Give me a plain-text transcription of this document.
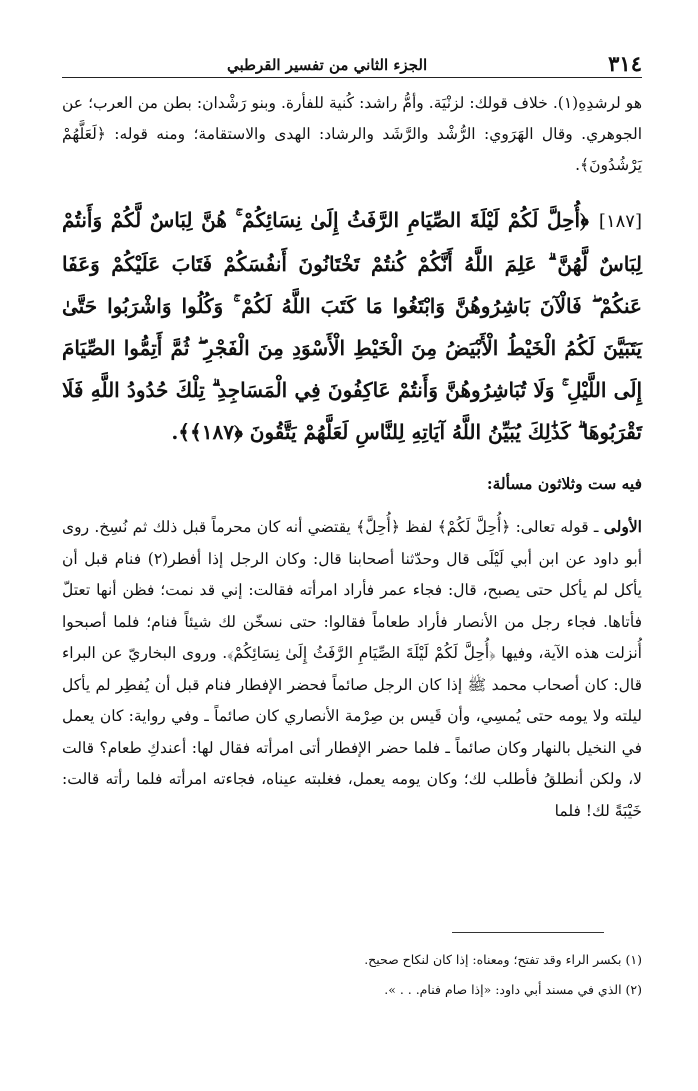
٣١٤
الجزء الثاني من تفسير القرطبي
هو لرشدِهِ(١). خلاف قولك: لزنْيَة. وأمُّ راشد: كُنية للفأرة. وبنو رَشْدان: بطن من العرب؛ عن الجوهري. وقال الهَرَوي: الرُّشْد والرَّشَد والرشاد: الهدى والاستقامة؛ ومنه قوله: ﴿لَعَلَّهُمْ يَرْشُدُونَ﴾.
[١٨٧]﴿أُحِلَّ لَكُمْ لَيْلَةَ الصِّيَامِ الرَّفَثُ إِلَىٰ نِسَائِكُمْ ۚ هُنَّ لِبَاسٌ لَّكُمْ وَأَنتُمْ لِبَاسٌ لَّهُنَّ ۗ عَلِمَ اللَّهُ أَنَّكُمْ كُنتُمْ تَخْتَانُونَ أَنفُسَكُمْ فَتَابَ عَلَيْكُمْ وَعَفَا عَنكُمْ ۖ فَالْآنَ بَاشِرُوهُنَّ وَابْتَغُوا مَا كَتَبَ اللَّهُ لَكُمْ ۚ وَكُلُوا وَاشْرَبُوا حَتَّىٰ يَتَبَيَّنَ لَكُمُ الْخَيْطُ الْأَبْيَضُ مِنَ الْخَيْطِ الْأَسْوَدِ مِنَ الْفَجْرِ ۖ ثُمَّ أَتِمُّوا الصِّيَامَ إِلَى اللَّيْلِ ۚ وَلَا تُبَاشِرُوهُنَّ وَأَنتُمْ عَاكِفُونَ فِي الْمَسَاجِدِ ۗ تِلْكَ حُدُودُ اللَّهِ فَلَا تَقْرَبُوهَا ۗ كَذَٰلِكَ يُبَيِّنُ اللَّهُ آيَاتِهِ لِلنَّاسِ لَعَلَّهُمْ يَتَّقُونَ ﴿١٨٧﴾﴾.
فيه ست وثلاثون مسألة:
الأولى ـ قوله تعالى: ﴿أُحِلَّ لَكُمْ﴾ لفظ ﴿أُحِلَّ﴾ يقتضي أنه كان محرماً قبل ذلك ثم نُسِخ. روى أبو داود عن ابن أبي لَيْلَى قال وحدّثنا أصحابنا قال: وكان الرجل إذا أفطر(٢) فنام قبل أن يأكل لم يأكل حتى يصبح، قال: فجاء عمر فأراد امرأته فقالت: إني قد نمت؛ فظن أنها تعتلّ فأتاها. فجاء رجل من الأنصار فأراد طعاماً فقالوا: حتى نسخّن لك شيئاً فنام؛ فلما أصبحوا أُنزلت هذه الآية، وفيها ﴿أُحِلَّ لَكُمْ لَيْلَةَ الصِّيَامِ الرَّفَثُ إِلَىٰ نِسَائِكُمْ﴾. وروى البخاريّ عن البراء قال: كان أصحاب محمد ﷺ إذا كان الرجل صائماً فحضر الإفطار فنام قبل أن يُفطِر لم يأكل ليلته ولا يومه حتى يُمسِي، وأن قَيس بن صِرْمة الأنصاري كان صائماً ـ وفي رواية: كان يعمل في النخيل بالنهار وكان صائماً ـ فلما حضر الإفطار أتى امرأته فقال لها: أعندكِ طعام؟ قالت لا، ولكن أنطلقُ فأطلب لك؛ وكان يومه يعمل، فغلبته عيناه، فجاءته امرأته فلما رأته قالت: خَيْبَةً لك! فلما
(١) بكسر الراء وقد تفتح؛ ومعناه: إذا كان لنكاح صحيح.
(٢) الذي في مسند أبي داود: «إذا صام فنام. . . ».
